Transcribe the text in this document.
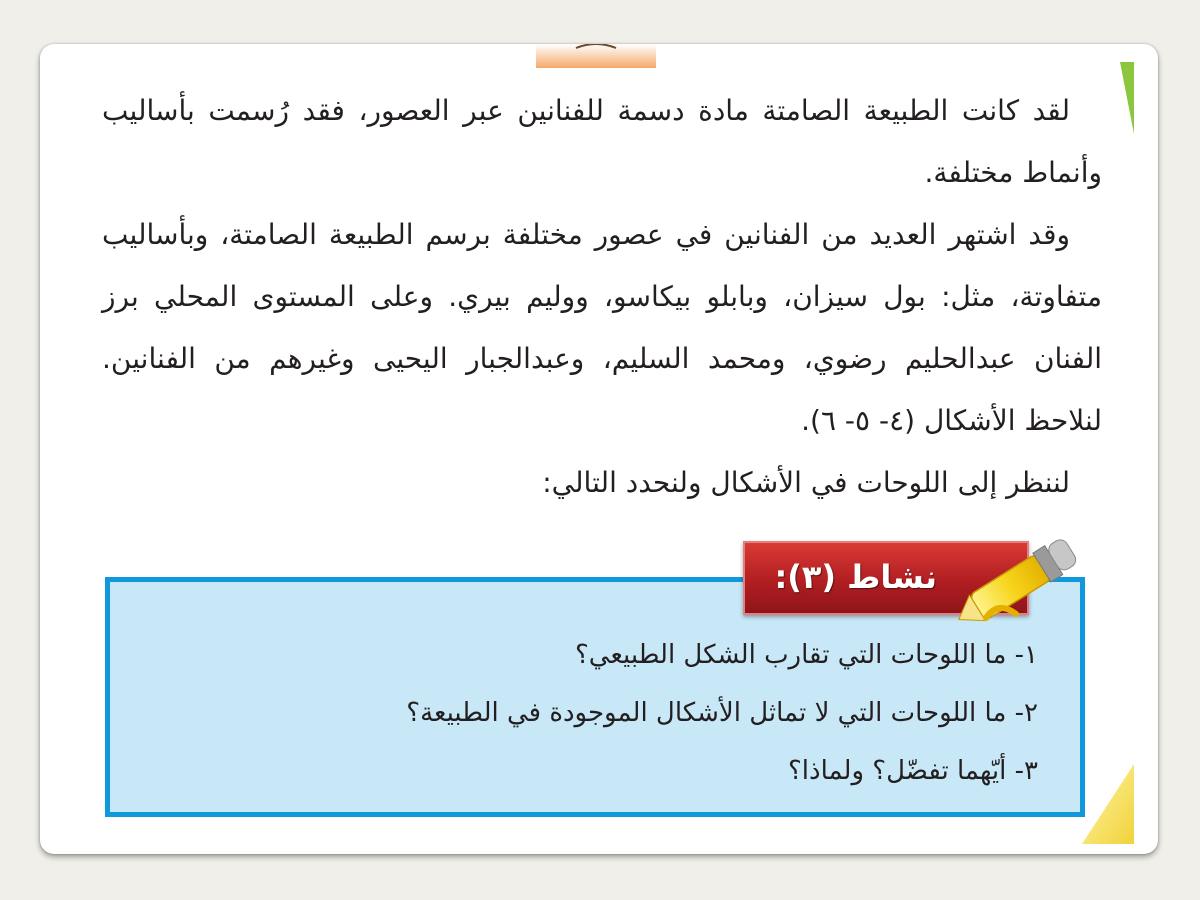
لقد كانت الطبيعة الصامتة مادة دسمة للفنانين عبر العصور، فقد رُسمت بأساليب وأنماط مختلفة.

وقد اشتهر العديد من الفنانين في عصور مختلفة برسم الطبيعة الصامتة، وبأساليب متفاوتة، مثل: بول سيزان، وبابلو بيكاسو، ووليم بيري. وعلى المستوى المحلي برز الفنان عبدالحليم رضوي، ومحمد السليم، وعبدالجبار اليحيى وغيرهم من الفنانين. لنلاحظ الأشكال (٤- ٥- ٦).

لننظر إلى اللوحات في الأشكال ولنحدد التالي:

نشاط (٣):
١- ما اللوحات التي تقارب الشكل الطبيعي؟
٢- ما اللوحات التي لا تماثل الأشكال الموجودة في الطبيعة؟
٣- أيّهما تفضّل؟ ولماذا؟
